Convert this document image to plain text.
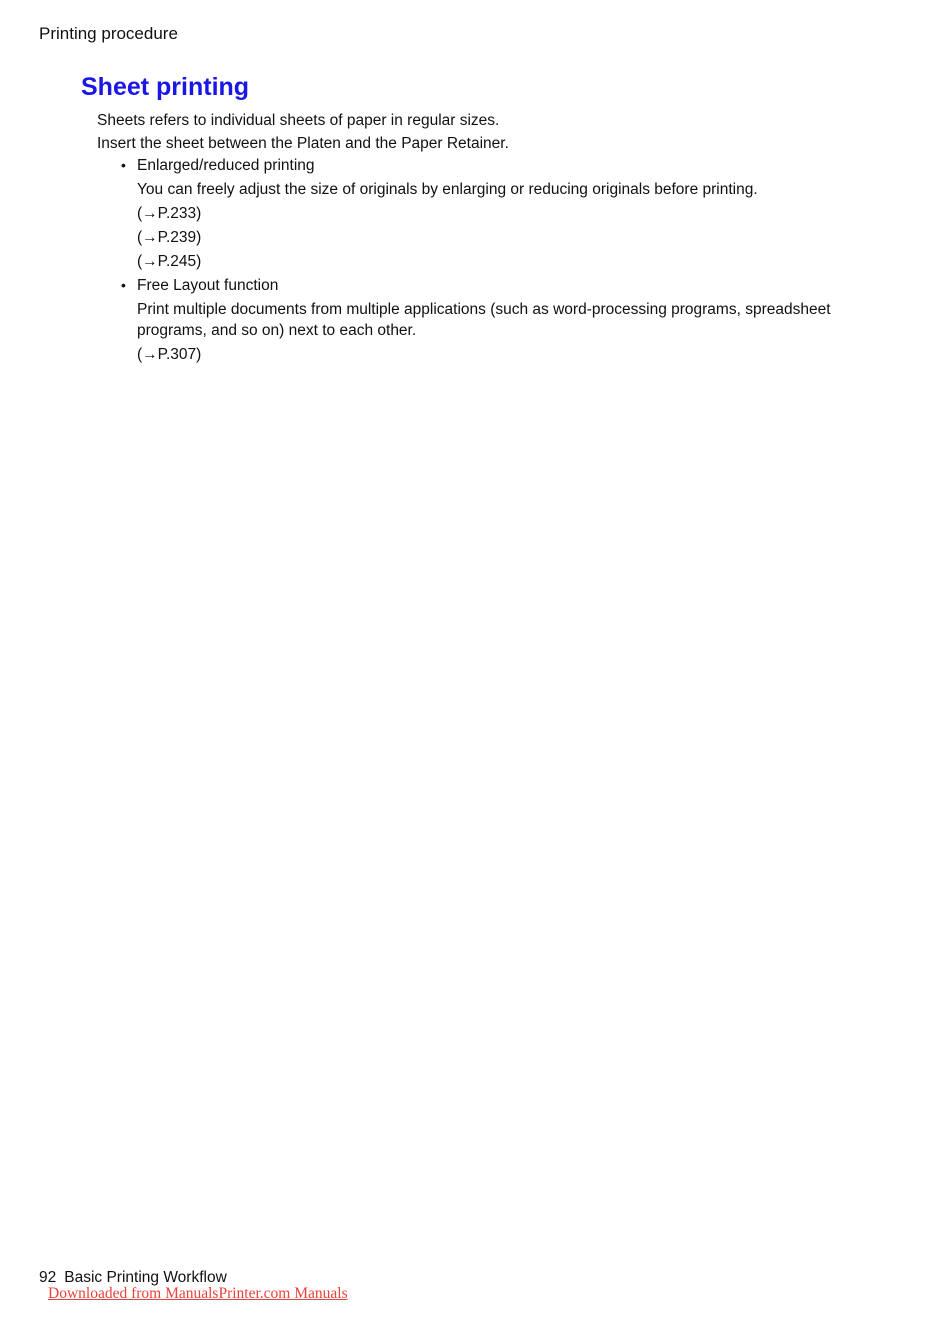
Printing procedure
Sheet printing

Sheets refers to individual sheets of paper in regular sizes.

Insert the sheet between the Platen and the Paper Retainer.

• Enlarged/reduced printing

You can freely adjust the size of originals by enlarging or reducing originals before printing.

(→P.233)
(→P.239)
(→P.245)
• Free Layout function

Print multiple documents from multiple applications (such as word-processing programs, spreadsheet programs, and so on) next to each other.

(→P.307)
92 Basic Printing Workflow
Downloaded from ManualsPrinter.com Manuals
